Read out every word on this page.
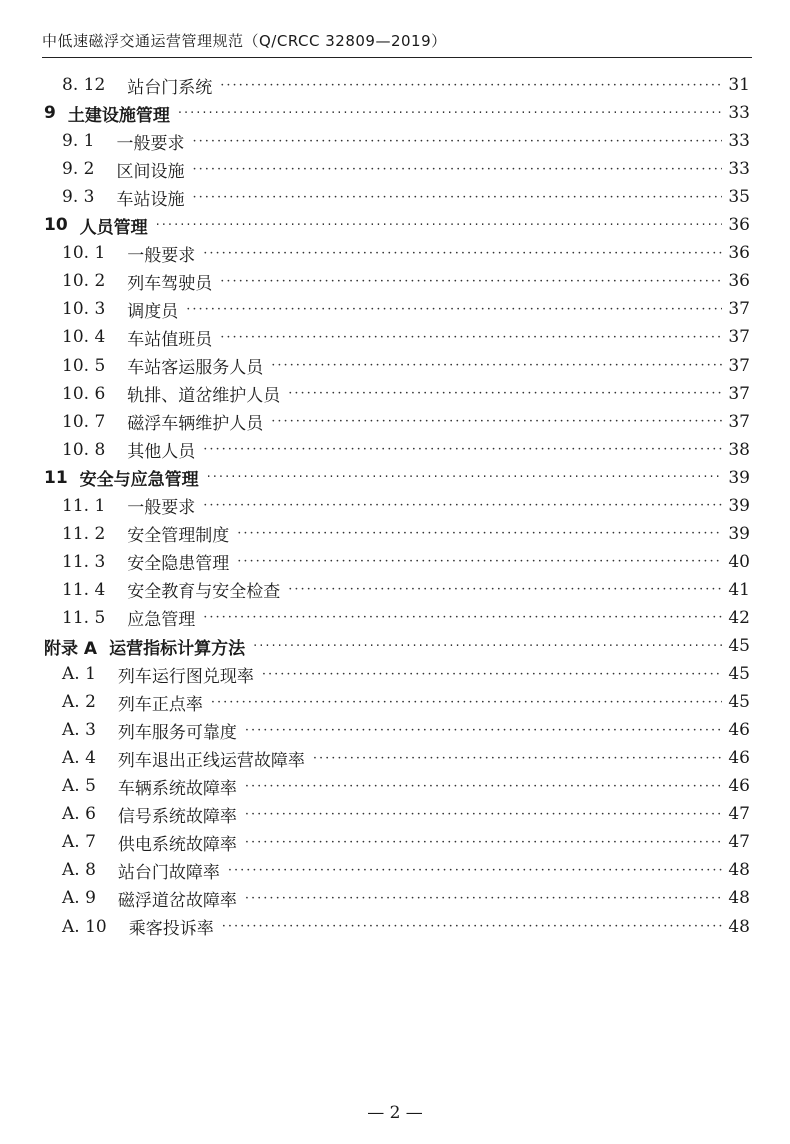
中低速磁浮交通运营管理规范（Q/CRCC 32809—2019）
8. 12 站台门系统 ·····	31
9 土建设施管理 ·····	33
9. 1 一般要求 ·····	33
9. 2 区间设施 ·····	33
9. 3 车站设施 ·····	35
10 人员管理 ·····	36
10. 1 一般要求 ·····	36
10. 2 列车驾驶员 ·····	36
10. 3 调度员 ·····	37
10. 4 车站值班员 ·····	37
10. 5 车站客运服务人员 ·····	37
10. 6 轨排、道岔维护人员 ·····	37
10. 7 磁浮车辆维护人员 ·····	37
10. 8 其他人员 ·····	38
11 安全与应急管理 ·····	39
11. 1 一般要求 ·····	39
11. 2 安全管理制度 ·····	39
11. 3 安全隐患管理 ·····	40
11. 4 安全教育与安全检查 ·····	41
11. 5 应急管理 ·····	42
附录 A 运营指标计算方法 ·····	45
A. 1 列车运行图兑现率 ·····	45
A. 2 列车正点率 ·····	45
A. 3 列车服务可靠度 ·····	46
A. 4 列车退出正线运营故障率 ·····	46
A. 5 车辆系统故障率 ·····	46
A. 6 信号系统故障率 ·····	47
A. 7 供电系统故障率 ·····	47
A. 8 站台门故障率 ·····	48
A. 9 磁浮道岔故障率 ·····	48
A. 10 乘客投诉率 ·····	48
— 2 —
